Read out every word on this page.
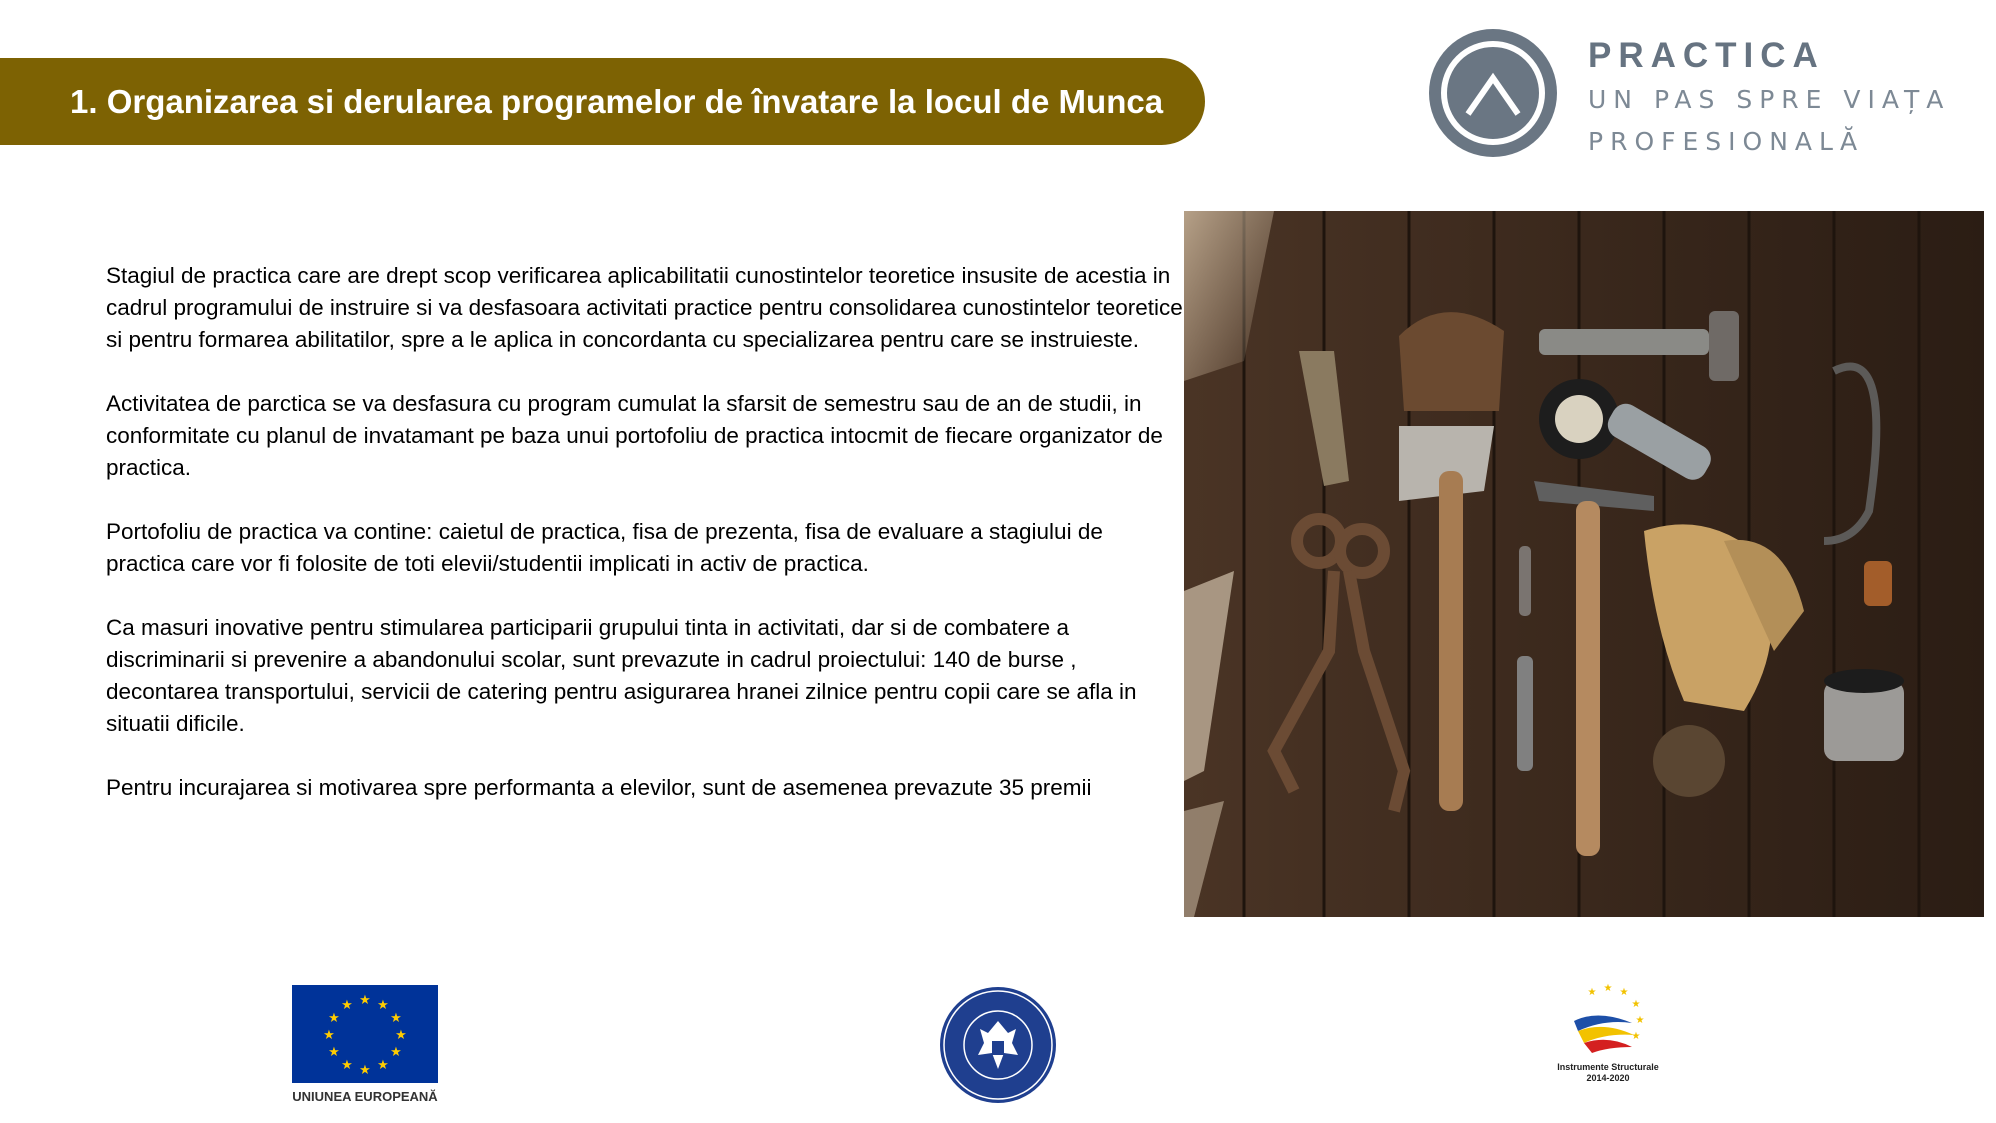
1. Organizarea si derularea programelor de învatare la locul de Munca
PRACTICA
UN PAS SPRE VIAȚA
PROFESIONALĂ

Stagiul de practica care are drept scop verificarea aplicabilitatii cunostintelor teoretice insusite de acestia in cadrul programului de instruire si va desfasoara activitati practice pentru consolidarea cunostintelor teoretice si pentru formarea abilitatilor, spre a le aplica in concordanta cu specializarea pentru care se instruieste.

Activitatea de parctica se va desfasura cu program cumulat la sfarsit de semestru sau de an de studii, in conformitate cu planul de invatamant pe baza unui portofoliu de practica intocmit de fiecare organizator de practica.

Portofoliu de practica va contine: caietul de practica, fisa de prezenta, fisa de evaluare a stagiului de practica care vor fi folosite de toti elevii/studentii implicati in activ de practica.

Ca masuri inovative pentru stimularea participarii grupului tinta in activitati, dar si de combatere a discriminarii si prevenire a abandonului scolar, sunt prevazute in cadrul proiectului: 140 de burse , decontarea transportului, servicii de catering pentru asigurarea hranei zilnice pentru copii care se afla in situatii dificile.

Pentru incurajarea si motivarea spre performanta a elevilor, sunt de asemenea prevazute 35 premii

★ ★
★
★
★
★
★
★
★
★
★
★
UNIUNEA EUROPEANĂ
★ ★
★
★
★
★
Instrumente Structurale
2014-2020
